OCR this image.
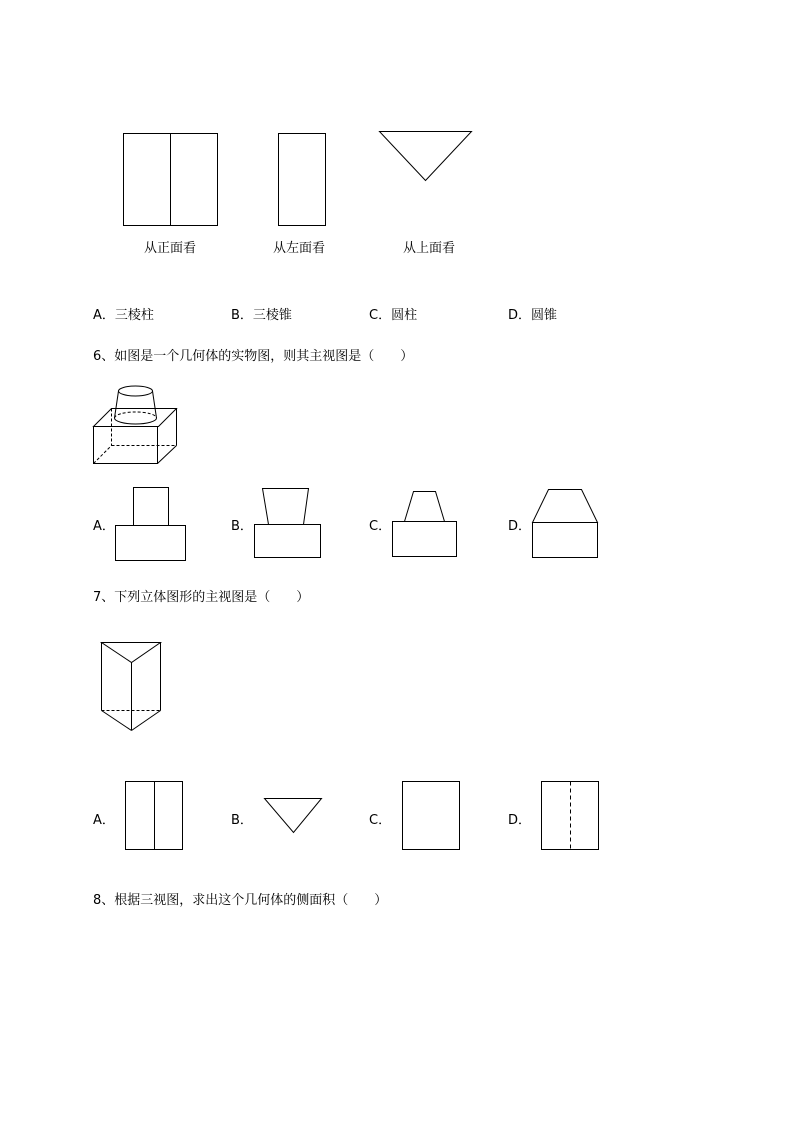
从正面看	从左面看	从上面看
A．三棱柱	B．三棱锥	C．圆柱	D．圆锥
6、如图是一个几何体的实物图，则其主视图是（　　）
A．	B．	C．	D．
7、下列立体图形的主视图是（　　）
A．	B．	C．	D．
8、根据三视图，求出这个几何体的侧面积（　　）
